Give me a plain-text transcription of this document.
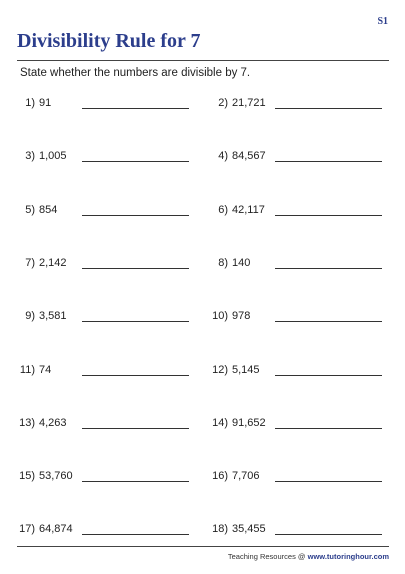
S1
Divisibility Rule for 7
State whether the numbers are divisible by 7.
1) 91	2) 21,721
3) 1,005	4) 84,567
5) 854	6) 42,117
7) 2,142	8) 140
9) 3,581	10) 978
11) 74	12) 5,145
13) 4,263	14) 91,652
15) 53,760	16) 7,706
17) 64,874	18) 35,455
Teaching Resources @ www.tutoringhour.com
